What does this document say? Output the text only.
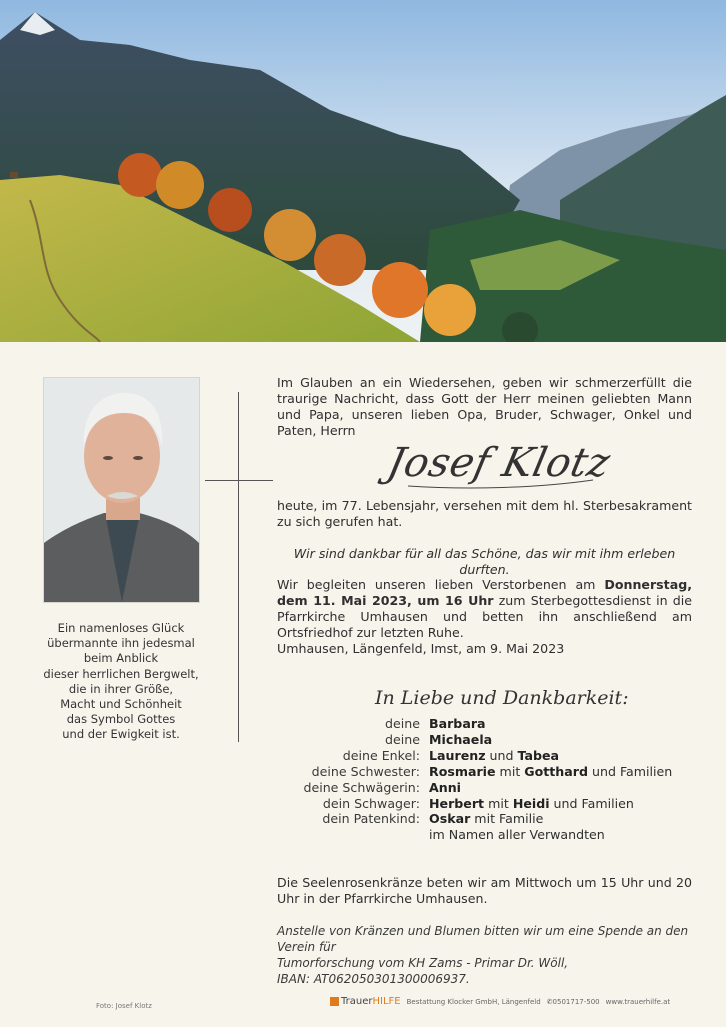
Ein namenloses Glück
übermannte ihn jedesmal
beim Anblick
dieser herrlichen Bergwelt,
die in ihrer Größe,
Macht und Schönheit
das Symbol Gottes
und der Ewigkeit ist.
Im Glauben an ein Wiedersehen, geben wir schmerzerfüllt die traurige Nachricht, dass Gott der Herr meinen geliebten Mann und Papa, unseren lieben Opa, Bruder, Schwager, Onkel und Paten, Herrn
Josef Klotz
heute, im 77. Lebensjahr, versehen mit dem hl. Sterbesakrament zu sich gerufen hat.
Wir sind dankbar für all das Schöne, das wir mit ihm erleben durften.
Wir begleiten unseren lieben Verstorbenen am Donnerstag, dem 11. Mai 2023, um 16 Uhr zum Sterbegottesdienst in die Pfarrkirche Umhausen und betten ihn anschließend am Ortsfriedhof zur letzten Ruhe.
Umhausen, Längenfeld, Imst, am 9. Mai 2023
In Liebe und Dankbarkeit:
deine Barbara
deine Michaela
deine Enkel: Laurenz und Tabea
deine Schwester: Rosmarie mit Gotthard und Familien
deine Schwägerin: Anni
dein Schwager: Herbert mit Heidi und Familien
dein Patenkind: Oskar mit Familie
im Namen aller Verwandten
Die Seelenrosenkränze beten wir am Mittwoch um 15 Uhr und 20 Uhr in der Pfarrkirche Umhausen.
Anstelle von Kränzen und Blumen bitten wir um eine Spende an den Verein für
Tumorforschung vom KH Zams - Primar Dr. Wöll,
IBAN: AT062050301300006937.
Foto: Josef Klotz	TrauerHILFE Bestattung Klocker GmbH, Längenfeld ✆0501717-500 www.trauerhilfe.at
